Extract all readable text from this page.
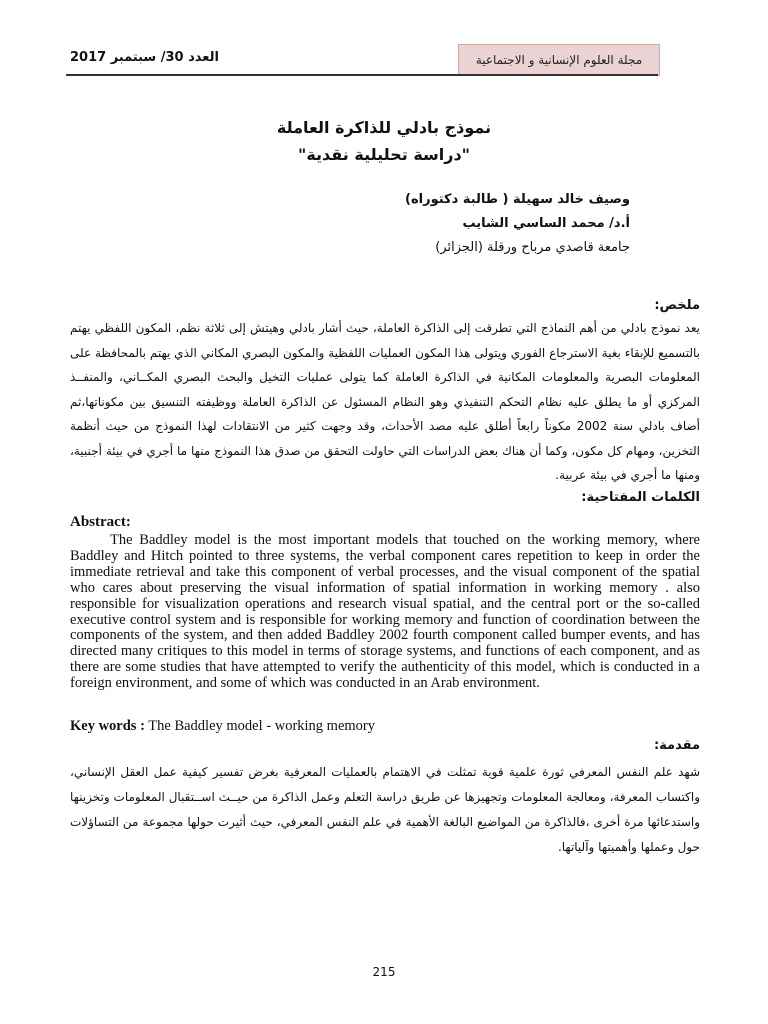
مجلة العلوم الإنسانية و الاجتماعية
العدد 30/ سبتمبر 2017
نموذج بادلي للذاكرة العاملة
"دراسة تحليلية نقدية"
وصيف خالد سهيلة ( طالبة دكتوراه)
أ.د/ محمد الساسي الشايب
جامعة قاصدي مرباح ورقلة (الجزائر)
ملخص:
يعد نموذج بادلي من أهم النماذج التي تطرقت إلى الذاكرة العاملة، حيث أشار بادلي وهيتش إلى ثلاثة نظم، المكون اللفظي يهتم بالتسميع للإبقاء بغية الاسترجاع الفوري ويتولى هذا المكون العمليات اللفظية والمكون البصري المكاني الذي يهتم بالمحافظة على المعلومات البصرية والمعلومات المكانية في الذاكرة العاملة كما يتولى عمليات التخيل والبحث البصري المكــاني، والمنفــذ المركزي أو ما يطلق عليه نظام التحكم التنفيذي وهو النظام المسئول عن الذاكرة العاملة ووظيفته التنسيق بين مكوناتها،ثم أضاف بادلي سنة 2002 مكوناً رابعاً أطلق عليه مصد الأحداث، وقد وجهت كثير من الانتقادات لهذا النموذج من حيث أنظمة التخزين، ومهام كل مكون، وكما أن هناك بعض الدراسات التي حاولت التحقق من صدق هذا النموذج منها ما أجري في بيئة أجنبية، ومنها ما أجري في بيئة عربية.
الكلمات المفتاحية:
Abstract:
The Baddley model is the most important models that touched on the working memory, where Baddley and Hitch pointed to three systems, the verbal component cares repetition to keep in order the immediate retrieval and take this component of verbal processes, and the visual component of the spatial who cares about preserving the visual information of spatial information in working memory . also responsible for visualization operations and research visual spatial, and the central port or the so-called executive control system and is responsible for working memory and function of coordination between the components of the system, and then added Baddley 2002 fourth component called bumper events, and has directed many critiques to this model in terms of storage systems, and functions of each component, and as there are some studies that have attempted to verify the authenticity of this model, which is conducted in a foreign environment, and some of which was conducted in an Arab environment.
Key words : The Baddley model - working memory
مقدمة:
شهد علم النفس المعرفي ثورة علمية قوية تمثلت في الاهتمام بالعمليات المعرفية بغرض تفسير كيفية عمل العقل الإنساني، واكتساب المعرفة، ومعالجة المعلومات وتجهيزها عن طريق دراسة التعلم وعمل الذاكرة من حيــث اســتقبال المعلومات وتخزينها واستدعائها مرة أخرى ،فالذاكرة من المواضيع البالغة الأهمية في علم النفس المعرفي، حيث أثيرت حولها مجموعة من التساؤلات حول وعملها وأهميتها وآلياتها.
215
